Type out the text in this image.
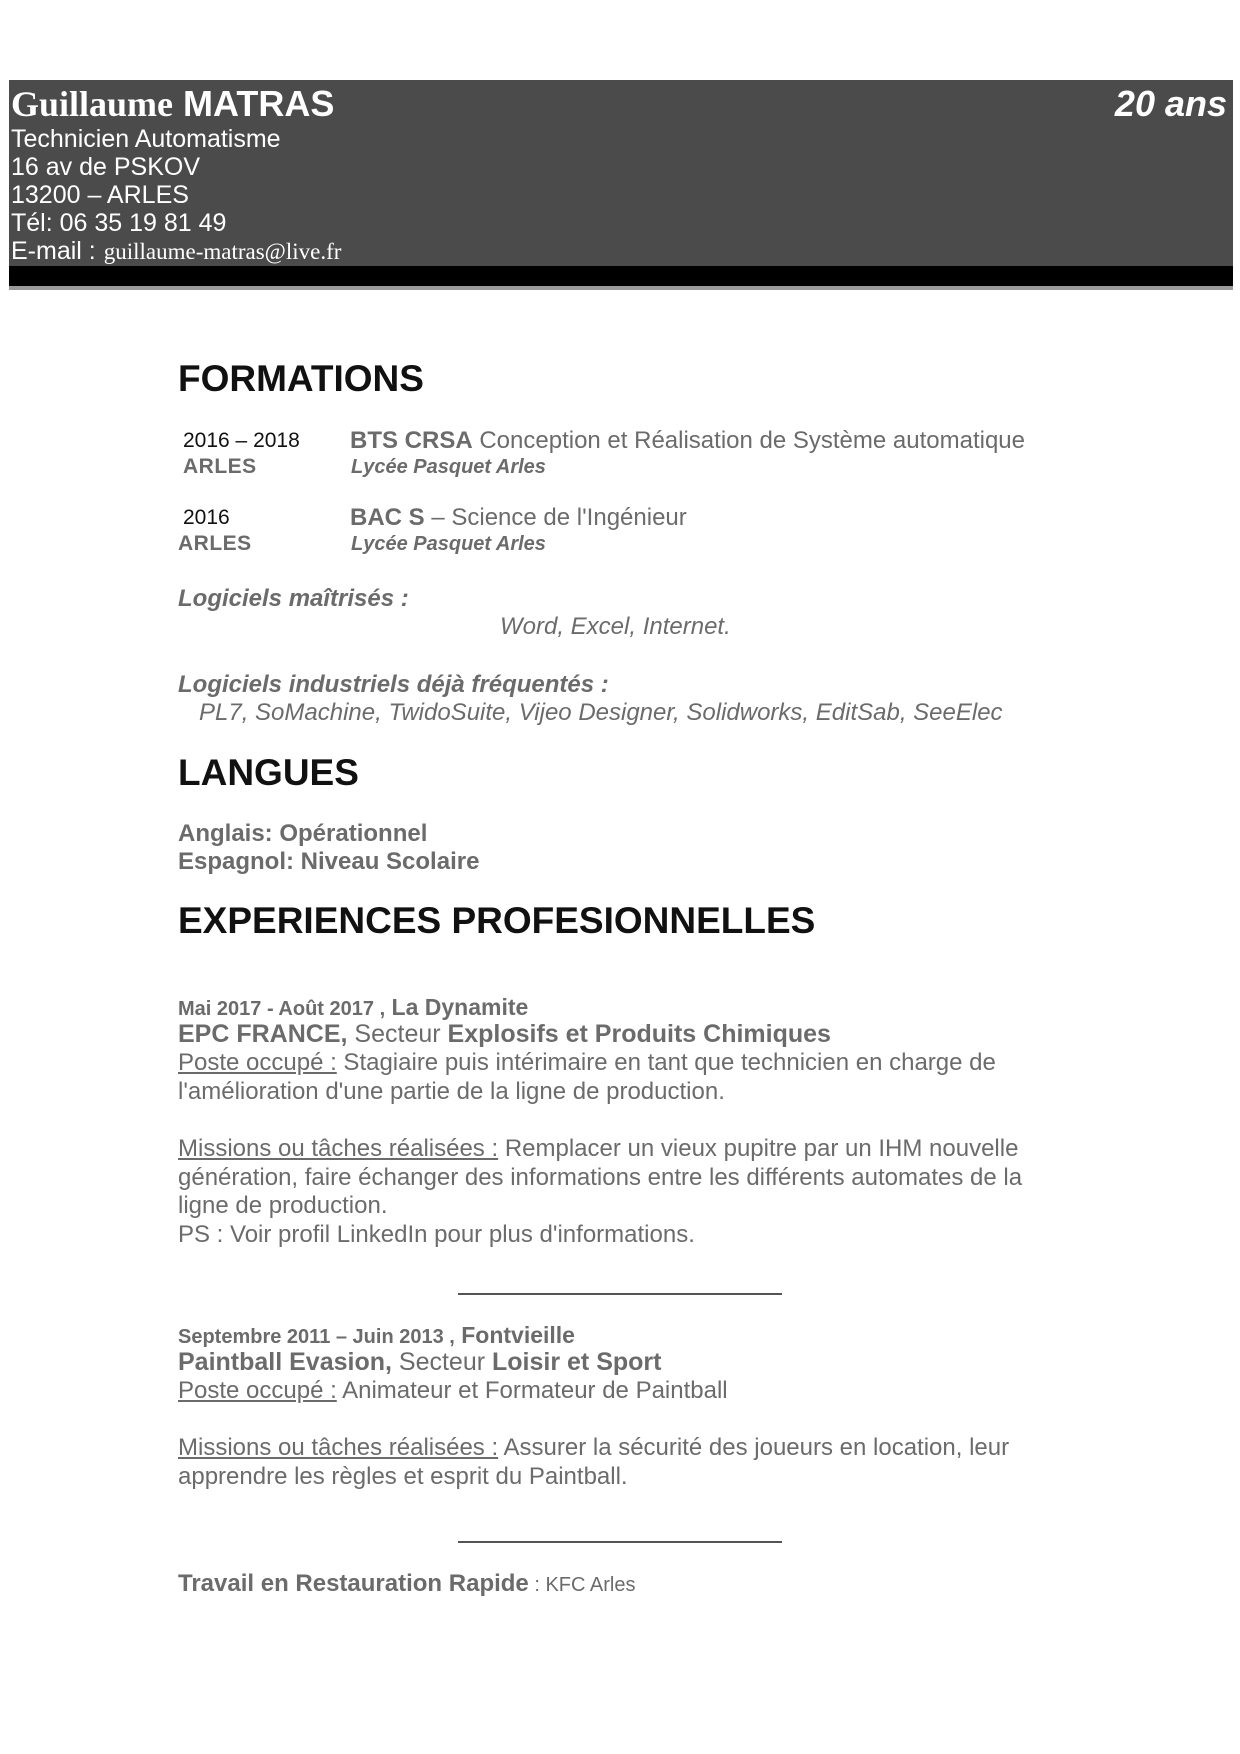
Guillaume MATRAS	20 ans
Technicien Automatisme
16 av de PSKOV
13200 – ARLES
Tél: 06 35 19 81 49
E-mail : guillaume-matras@live.fr
FORMATIONS
2016 – 2018
ARLES
BTS CRSA Conception et Réalisation de Système automatique
Lycée Pasquet Arles
2016
ARLES
BAC S – Science de l'Ingénieur
Lycée Pasquet Arles
Logiciels maîtrisés :
Word, Excel, Internet.
Logiciels industriels déjà fréquentés :
PL7, SoMachine, TwidoSuite, Vijeo Designer, Solidworks, EditSab, SeeElec
LANGUES
Anglais: Opérationnel
Espagnol: Niveau Scolaire
EXPERIENCES PROFESIONNELLES
Mai 2017 - Août 2017 , La Dynamite
EPC FRANCE, Secteur Explosifs et Produits Chimiques
Poste occupé : Stagiaire puis intérimaire en tant que technicien en charge de l'amélioration d'une partie de la ligne de production.
Missions ou tâches réalisées : Remplacer un vieux pupitre par un IHM nouvelle génération, faire échanger des informations entre les différents automates de la ligne de production.
PS : Voir profil LinkedIn pour plus d'informations.
Septembre 2011 – Juin 2013 , Fontvieille
Paintball Evasion, Secteur Loisir et Sport
Poste occupé : Animateur et Formateur de Paintball
Missions ou tâches réalisées : Assurer la sécurité des joueurs en location, leur apprendre les règles et esprit du Paintball.
Travail en Restauration Rapide : KFC Arles
